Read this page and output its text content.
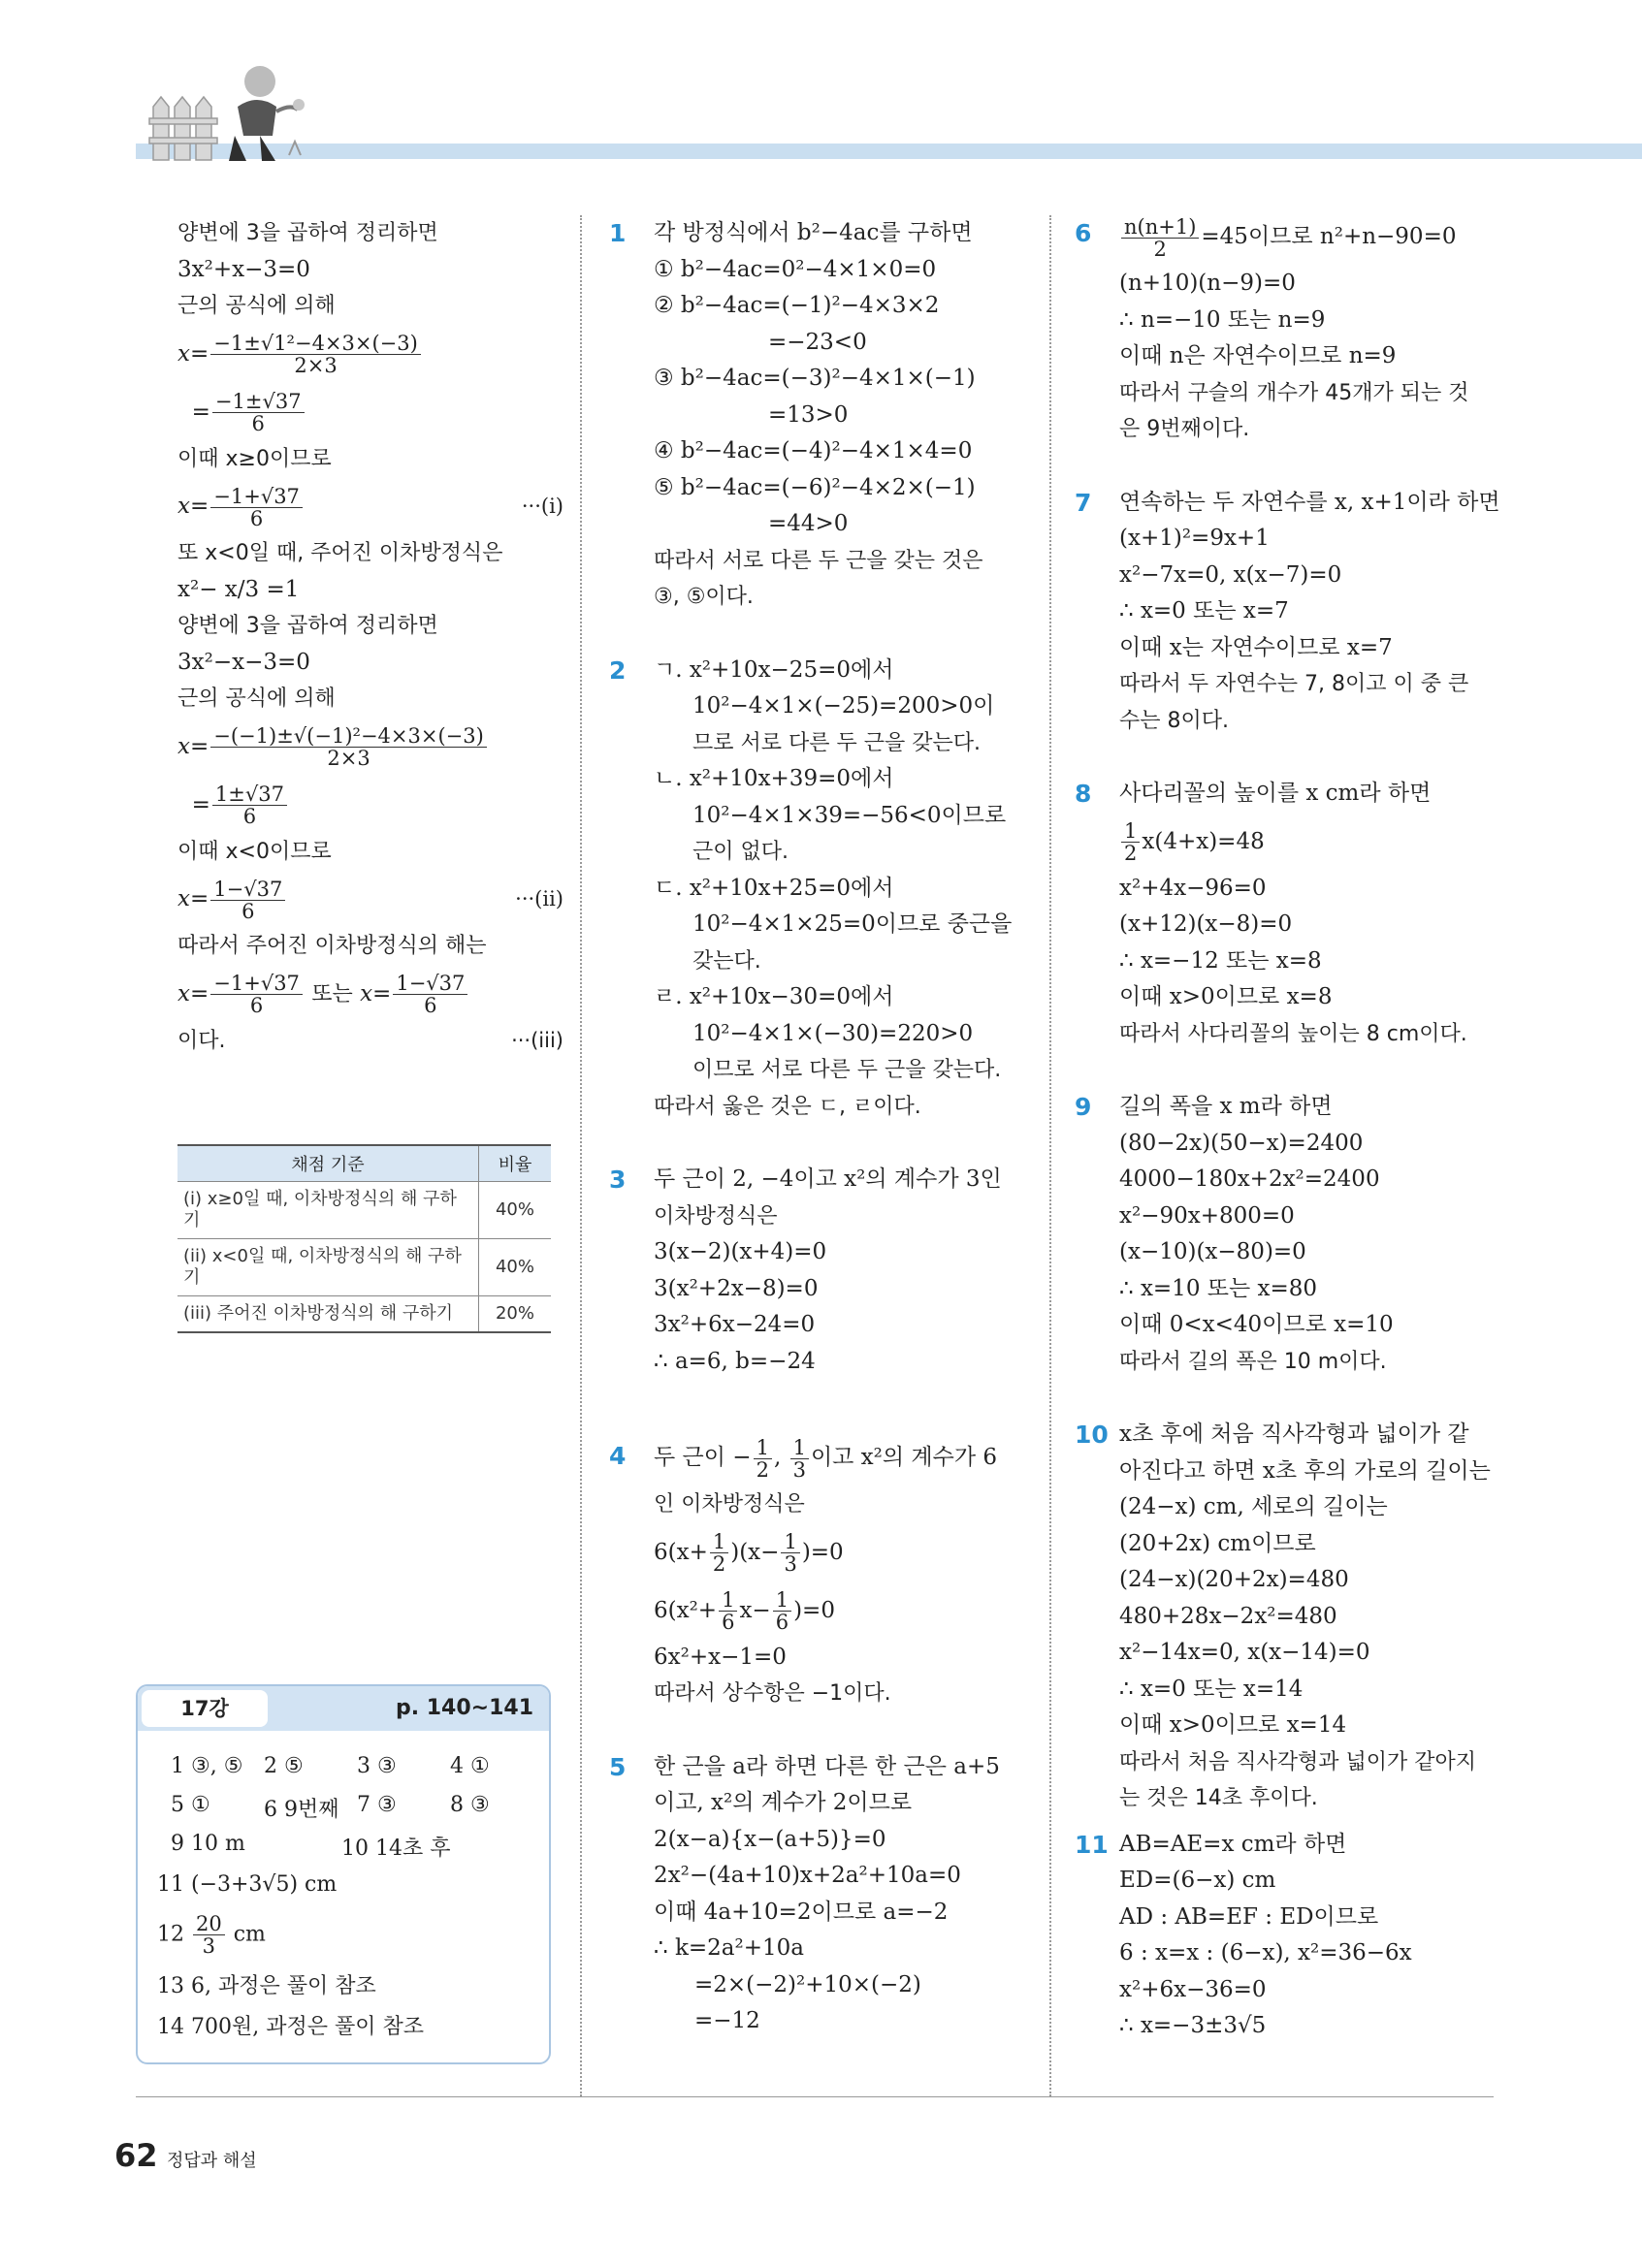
양변에 3을 곱하여 정리하면
3x²+x−3=0
근의 공식에 의해
$x= \frac{\text{−1±√1²−4×3×(−3)}}{2\times 3}$
= $\frac{-1\pm√37}{6}$
이때 x≥0이므로
$x= \frac{-1+√37}{6}$	···(i)
또 x<0일 때, 주어진 이차방정식은
x²− x/3 =1
양변에 3을 곱하여 정리하면
3x²−x−3=0
근의 공식에 의해
$x= \frac{\text{−(−1)±√(−1)²−4×3×(−3)}}{2\times 3}$
= $\frac{1\pm√37}{6}$
이때 x<0이므로
$x= \frac{1-√37}{6}$	···(ii)
따라서 주어진 이차방정식의 해는
$x= \frac{-1+√37}{6}$ 또는 $x= \frac{1-√37}{6}$
이다.	···(iii)
채점 기준	비율
(i) x≥0일 때, 이차방정식의 해 구하기	40%
(ii) x<0일 때, 이차방정식의 해 구하기	40%
(iii) 주어진 이차방정식의 해 구하기	20%
17강	p. 140~141
1 ③, ⑤ 2 ⑤	3 ③	4 ①
5 ①	6 9번째 7 ③	8 ③
9 10 m	10 14초 후
11 (−3+3√5) cm
$12 \frac{20}{3}$ cm
13 6, 과정은 풀이 참조
14 700원, 과정은 풀이 참조
1 각 방정식에서 b²−4ac를 구하면
① b²−4ac=0²−4×1×0=0
② b²−4ac=(−1)²−4×3×2
=−23<0
③ b²−4ac=(−3)²−4×1×(−1)
=13>0
④ b²−4ac=(−4)²−4×1×4=0
⑤ b²−4ac=(−6)²−4×2×(−1)
=44>0
따라서 서로 다른 두 근을 갖는 것은
③, ⑤이다.
2 ㄱ. x²+10x−25=0에서
10²−4×1×(−25)=200>0이
므로 서로 다른 두 근을 갖는다.
ㄴ. x²+10x+39=0에서
10²−4×1×39=−56<0이므로
근이 없다.
ㄷ. x²+10x+25=0에서
10²−4×1×25=0이므로 중근을
갖는다.
ㄹ. x²+10x−30=0에서
10²−4×1×(−30)=220>0
이므로 서로 다른 두 근을 갖는다.
따라서 옳은 것은 ㄷ, ㄹ이다.
3 두 근이 2, −4이고 x²의 계수가 3인
이차방정식은
3(x−2)(x+4)=0
3(x²+2x−8)=0
3x²+6x−24=0
∴ a=6, b=−24
4 두 근이 − $\frac{1}{2}$ , $\frac{1}{3}$ 이고 x²의 계수가 6
인 이차방정식은
$6(x+ \frac{1}{2} )(x- \frac{1}{3} )=0$
$6(x^2+ \frac{1}{6} x- \frac{1}{6} )=0$
6x²+x−1=0
따라서 상수항은 −1이다.
5 한 근을 a라 하면 다른 한 근은 a+5
이고, x²의 계수가 2이므로
2(x−a){x−(a+5)}=0
2x²−(4a+10)x+2a²+10a=0
이때 4a+10=2이므로 a=−2
∴ k=2a²+10a
=2×(−2)²+10×(−2)
=−12
$6 \frac{n(n+1)}{2} =45$이므로 n²+n−90=0
(n+10)(n−9)=0
∴ n=−10 또는 n=9
이때 n은 자연수이므로 n=9
따라서 구슬의 개수가 45개가 되는 것
은 9번째이다.
7 연속하는 두 자연수를 x, x+1이라 하면
(x+1)²=9x+1
x²−7x=0, x(x−7)=0
∴ x=0 또는 x=7
이때 x는 자연수이므로 x=7
따라서 두 자연수는 7, 8이고 이 중 큰
수는 8이다.
8 사다리꼴의 높이를 x cm라 하면
$\frac{1}{2} x(4+x)=48$
x²+4x−96=0
(x+12)(x−8)=0
∴ x=−12 또는 x=8
이때 x>0이므로 x=8
따라서 사다리꼴의 높이는 8 cm이다.
9 길의 폭을 x m라 하면
(80−2x)(50−x)=2400
4000−180x+2x²=2400
x²−90x+800=0
(x−10)(x−80)=0
∴ x=10 또는 x=80
이때 0<x<40이므로 x=10
따라서 길의 폭은 10 m이다.
10 x초 후에 처음 직사각형과 넓이가 같
아진다고 하면 x초 후의 가로의 길이는
(24−x) cm, 세로의 길이는
(20+2x) cm이므로
(24−x)(20+2x)=480
480+28x−2x²=480
x²−14x=0, x(x−14)=0
∴ x=0 또는 x=14
이때 x>0이므로 x=14
따라서 처음 직사각형과 넓이가 같아지
는 것은 14초 후이다.
11 AB=AE=x cm라 하면
ED=(6−x) cm
AD : AB=EF : ED이므로
6 : x=x : (6−x), x²=36−6x
x²+6x−36=0
∴ x=−3±3√5
62 정답과 해설
